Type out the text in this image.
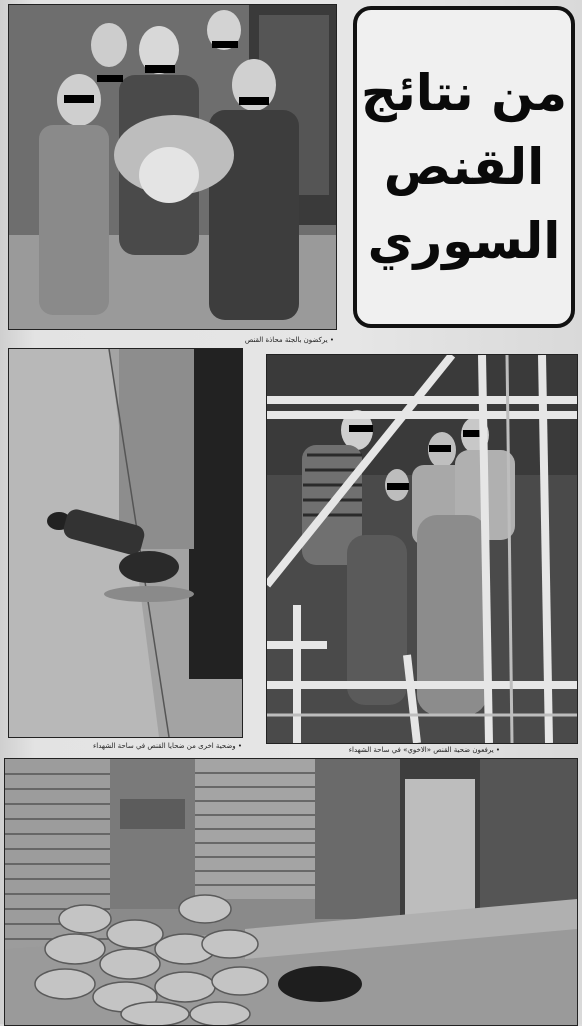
• يركضون بالجثة محاذة القنص
من نتائج
القنص
السوري
• وضحية اخرى من ضحايا القنص في ساحة الشهداء	• يرفعون ضحية القنص «الاخوي» في ساحة الشهداء
